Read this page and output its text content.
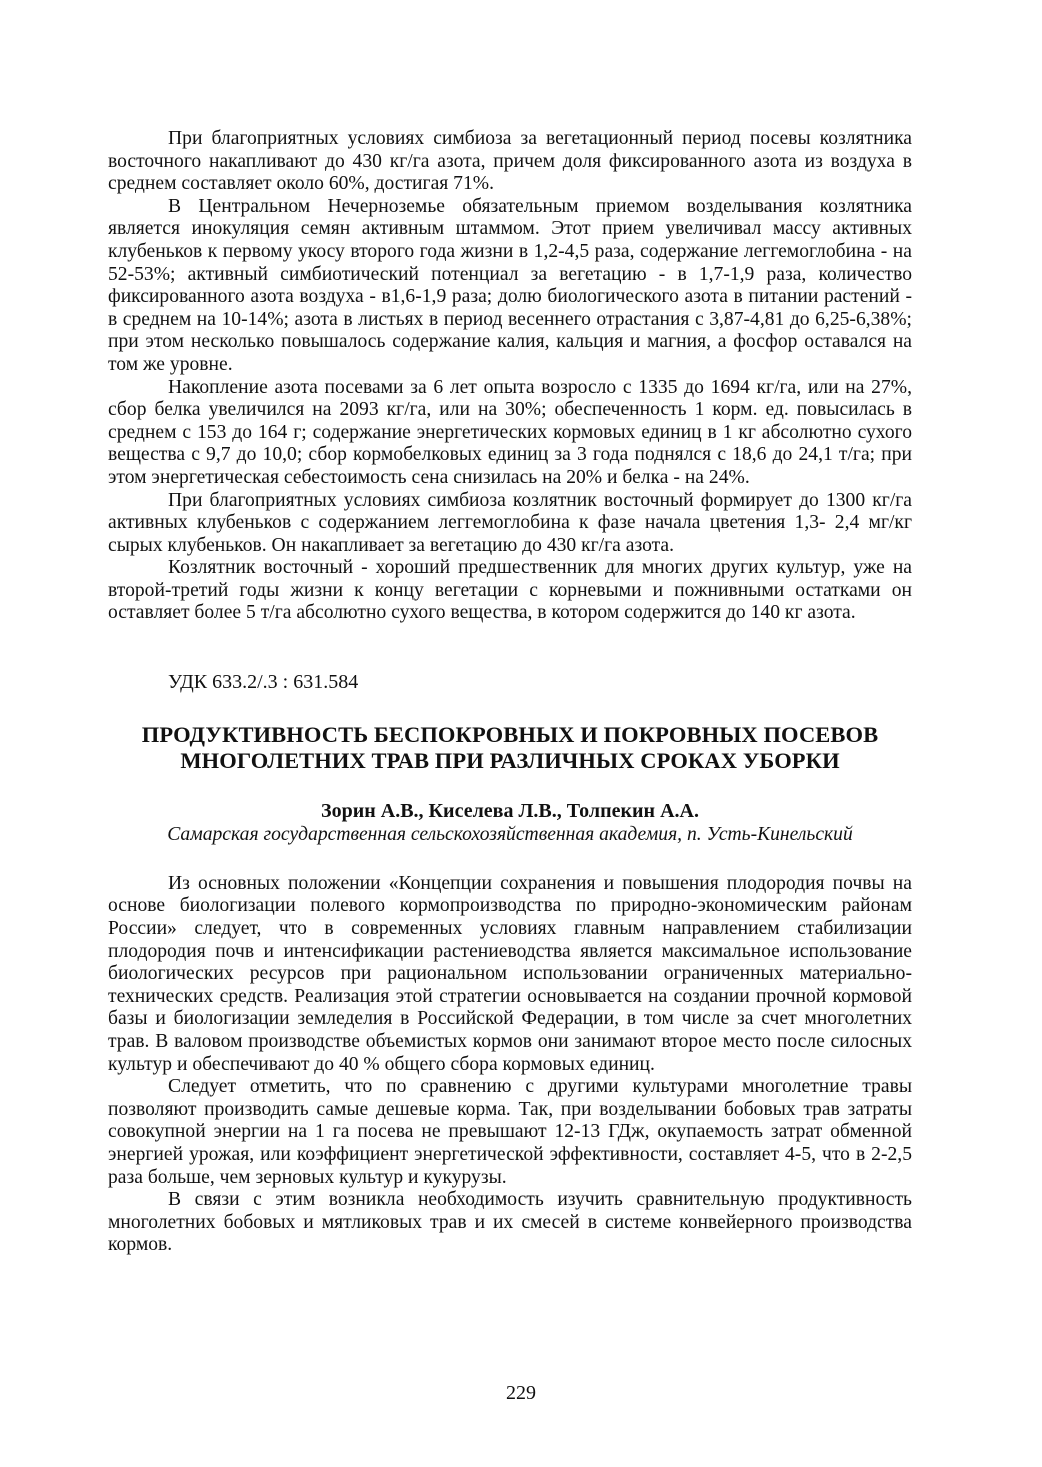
При благоприятных условиях симбиоза за вегетационный период посевы козлятника восточного накапливают до 430 кг/га азота, причем доля фиксированного азота из воздуха в среднем составляет около 60%, достигая 71%.

В Центральном Нечерноземье обязательным приемом возделывания козлятника является инокуляция семян активным штаммом. Этот прием увеличивал массу активных клубеньков к первому укосу второго года жизни в 1,2-4,5 раза, содержание леггемоглобина - на 52-53%; активный симбиотический потенциал за вегетацию - в 1,7-1,9 раза, количество фиксированного азота воздуха - в1,6-1,9 раза; долю биологического азота в питании растений - в среднем на 10-14%; азота в листьях в период весеннего отрастания с 3,87-4,81 до 6,25-6,38%; при этом несколько повышалось содержание калия, кальция и магния, а фосфор оставался на том же уровне.

Накопление азота посевами за 6 лет опыта возросло с 1335 до 1694 кг/га, или на 27%, сбор белка увеличился на 2093 кг/га, или на 30%; обеспеченность 1 корм. ед. повысилась в среднем с 153 до 164 г; содержание энергетических кормовых единиц в 1 кг абсолютно сухого вещества с 9,7 до 10,0; сбор кормобелковых единиц за 3 года поднялся с 18,6 до 24,1 т/га; при этом энергетическая себестоимость сена снизилась на 20% и белка - на 24%.

При благоприятных условиях симбиоза козлятник восточный формирует до 1300 кг/га активных клубеньков с содержанием леггемоглобина к фазе начала цветения 1,3- 2,4 мг/кг сырых клубеньков. Он накапливает за вегетацию до 430 кг/га азота.

Козлятник восточный - хороший предшественник для многих других культур, уже на второй-третий годы жизни к концу вегетации с корневыми и пожнивными остатками он оставляет более 5 т/га абсолютно сухого вещества, в котором содержится до 140 кг азота.

УДК 633.2/.3 : 631.584
ПРОДУКТИВНОСТЬ БЕСПОКРОВНЫХ И ПОКРОВНЫХ ПОСЕВОВ
МНОГОЛЕТНИХ ТРАВ ПРИ РАЗЛИЧНЫХ СРОКАХ УБОРКИ
Зорин А.В., Киселева Л.В., Толпекин А.А.
Самарская государственная сельскохозяйственная академия, п. Усть-Кинельский

Из основных положении «Концепции сохранения и повышения плодородия почвы на основе биологизации полевого кормопроизводства по природно-экономическим районам России» следует, что в современных условиях главным направлением стабилизации плодородия почв и интенсификации растениеводства является максимальное использование биологических ресурсов при рациональном использовании ограниченных материально-технических средств. Реализация этой стратегии основывается на создании прочной кормовой базы и биологизации земледелия в Российской Федерации, в том числе за счет многолетних трав. В валовом производстве объемистых кормов они занимают второе место после силосных культур и обеспечивают до 40 % общего сбора кормовых единиц.

Следует отметить, что по сравнению с другими культурами многолетние травы позволяют производить самые дешевые корма. Так, при возделывании бобовых трав затраты совокупной энергии на 1 га посева не превышают 12-13 ГДж, окупаемость затрат обменной энергией урожая, или коэффициент энергетической эффективности, составляет 4-5, что в 2-2,5 раза больше, чем зерновых культур и кукурузы.

В связи с этим возникла необходимость изучить сравнительную продуктивность многолетних бобовых и мятликовых трав и их смесей в системе конвейерного производства кормов.

229
